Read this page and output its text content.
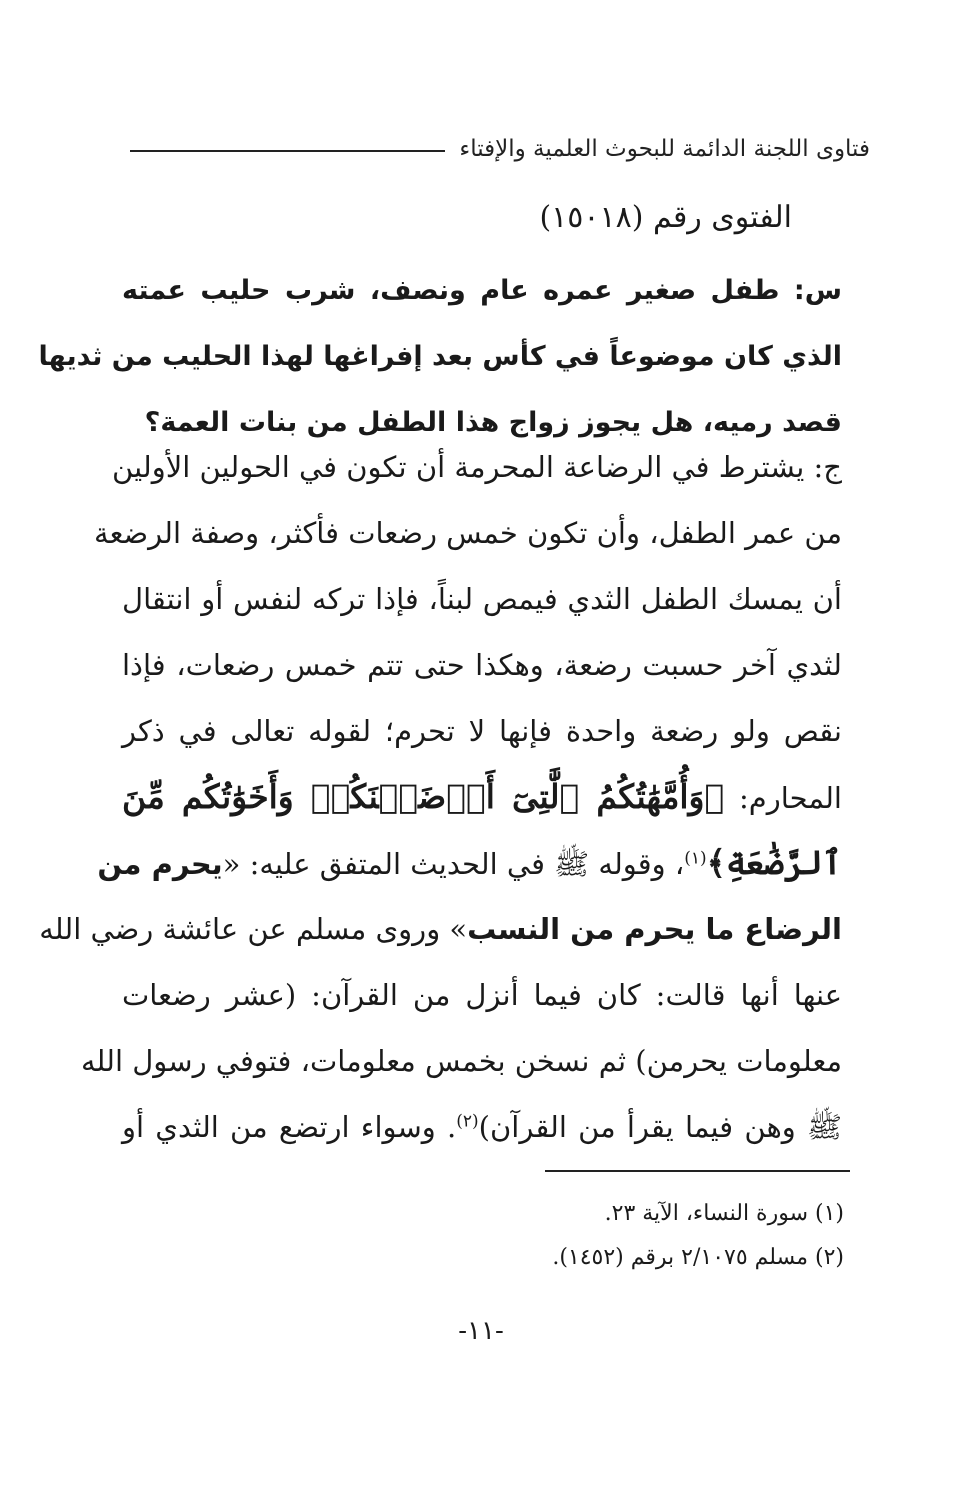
فتاوى اللجنة الدائمة للبحوث العلمية والإفتاء
الفتوى رقم (١٥٠١٨)
س: طفل صغير عمره عام ونصف، شرب حليب عمته
الذي كان موضوعاً في كأس بعد إفراغها لهذا الحليب من ثديها
قصد رميه، هل يجوز زواج هذا الطفل من بنات العمة؟
ج: يشترط في الرضاعة المحرمة أن تكون في الحولين الأولين
من عمر الطفل، وأن تكون خمس رضعات فأكثر، وصفة الرضعة
أن يمسك الطفل الثدي فيمص لبناً، فإذا تركه لنفس أو انتقال
لثدي آخر حسبت رضعة، وهكذا حتى تتم خمس رضعات، فإذا
نقص ولو رضعة واحدة فإنها لا تحرم؛ لقوله تعالى في ذكر
المحارم: ﴿وَأُمَّهَٰتُكُمُ ٱلَّٰتِىٓ أَرۡضَعۡنَكُمۡ وَأَخَوَٰتُكُم مِّنَ
ٱلرَّضَٰعَةِ﴾$^{(١)}$، وقوله ﷺ في الحديث المتفق عليه: «يحرم من
الرضاع ما يحرم من النسب» وروى مسلم عن عائشة رضي الله
عنها أنها قالت: كان فيما أنزل من القرآن: (عشر رضعات
معلومات يحرمن) ثم نسخن بخمس معلومات، فتوفي رسول الله
ﷺ وهن فيما يقرأ من القرآن)$^{(٢)}$. وسواء ارتضع من الثدي أو
(١) سورة النساء، الآية ٢٣.
(٢) مسلم ٢/١٠٧٥ برقم (١٤٥٢).
-١١-
